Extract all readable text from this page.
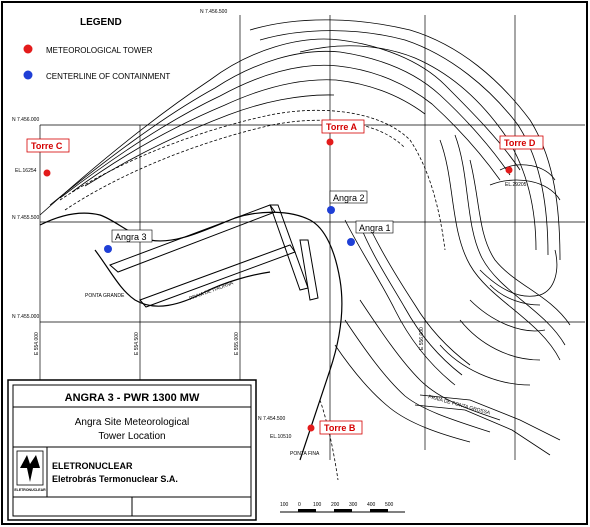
LEGEND
METEOROLOGICAL TOWER
CENTERLINE OF CONTAINMENT
N 7.456.500
N 7.456.000
N 7.455.500
N 7.455.000
N 7.454.500
E 554.000	E 554.500	E 555.000	E 556.000
EL.16254
EL.29205
EL.10510
PONTA GRANDE	PRAIA DE ITAORNA
PONTA FINA
PRAIA DE PONTA GROSSA
Torre A
Torre B
Torre C	Torre D
Angra 1
Angra 2
Angra 3
100 0 100 200 300 400 500
ANGRA 3 - PWR 1300 MW
Angra Site Meteorological
Tower Location
ELETRONUCLEAR
ELETRONUCLEAR
Eletrobrás Termonuclear S.A.
